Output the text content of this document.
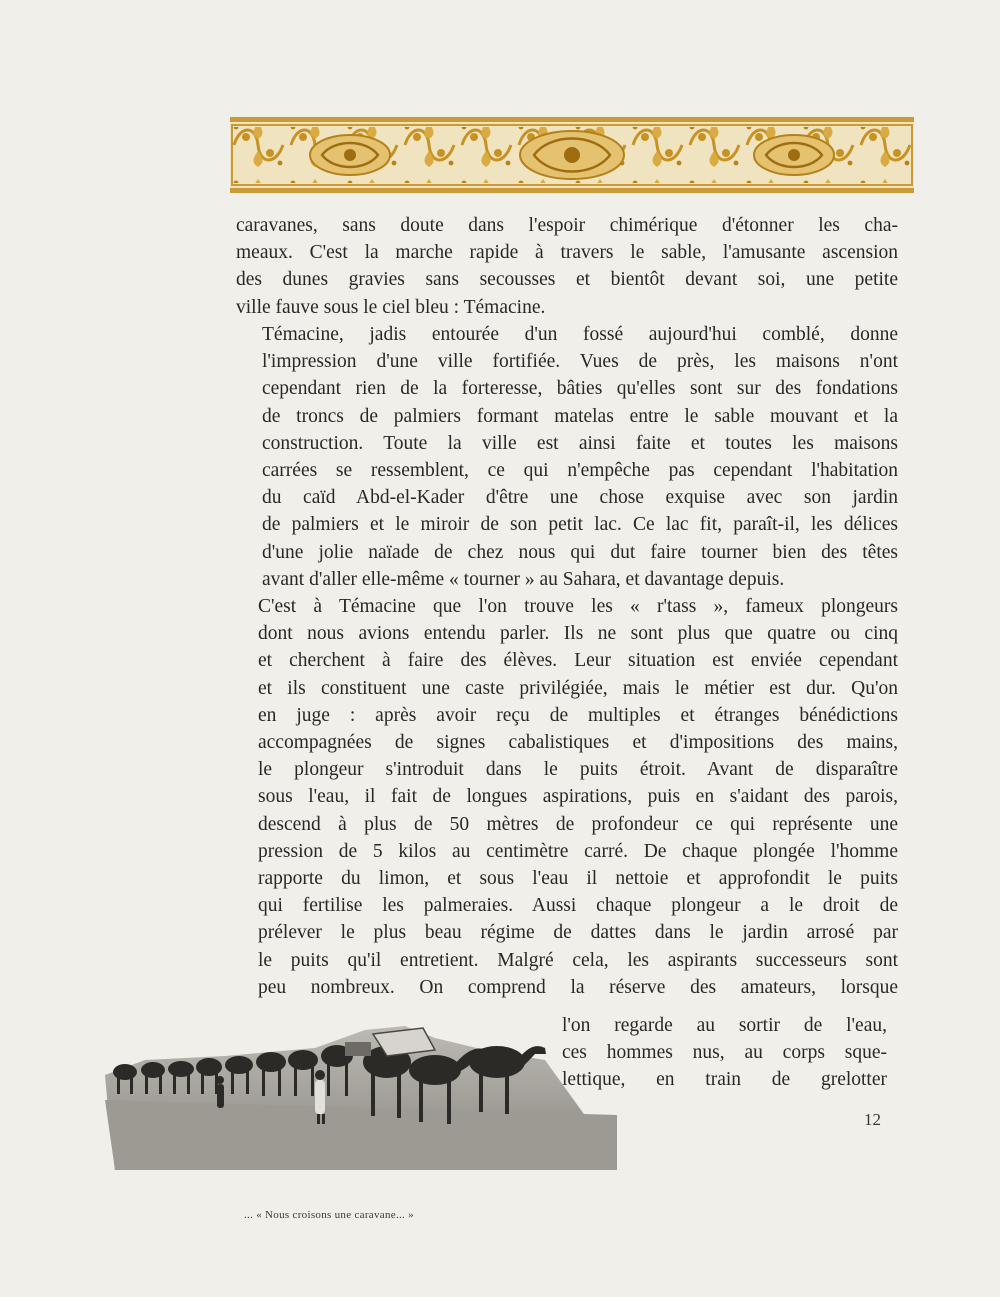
caravanes, sans doute dans l'espoir chimérique d'étonner les cha-
meaux. C'est la marche rapide à travers le sable, l'amusante ascension
des dunes gravies sans secousses et bientôt devant soi, une petite
ville fauve sous le ciel bleu : Témacine.

Témacine, jadis entourée d'un fossé aujourd'hui comblé, donne
l'impression d'une ville fortifiée. Vues de près, les maisons n'ont
cependant rien de la forteresse, bâties qu'elles sont sur des fondations
de troncs de palmiers formant matelas entre le sable mouvant et la
construction. Toute la ville est ainsi faite et toutes les maisons
carrées se ressemblent, ce qui n'empêche pas cependant l'habitation
du caïd Abd-el-Kader d'être une chose exquise avec son jardin
de palmiers et le miroir de son petit lac. Ce lac fit, paraît-il, les délices
d'une jolie naïade de chez nous qui dut faire tourner bien des têtes
avant d'aller elle-même « tourner » au Sahara, et davantage depuis.

C'est à Témacine que l'on trouve les « r'tass », fameux plongeurs
dont nous avions entendu parler. Ils ne sont plus que quatre ou cinq
et cherchent à faire des élèves. Leur situation est enviée cependant
et ils constituent une caste privilégiée, mais le métier est dur. Qu'on
en juge : après avoir reçu de multiples et étranges bénédictions
accompagnées de signes cabalistiques et d'impositions des mains,
le plongeur s'introduit dans le puits étroit. Avant de disparaître
sous l'eau, il fait de longues aspirations, puis en s'aidant des parois,
descend à plus de 50 mètres de profondeur ce qui représente une
pression de 5 kilos au centimètre carré. De chaque plongée l'homme
rapporte du limon, et sous l'eau il nettoie et approfondit le puits
qui fertilise les palmeraies. Aussi chaque plongeur a le droit de
prélever le plus beau régime de dattes dans le jardin arrosé par
le puits qu'il entretient. Malgré cela, les aspirants successeurs sont
peu nombreux. On comprend la réserve des amateurs, lorsque

l'on regarde au sortir de l'eau,
ces hommes nus, au corps sque-
lettique, en train de grelotter

12
... « Nous croisons une caravane... »
